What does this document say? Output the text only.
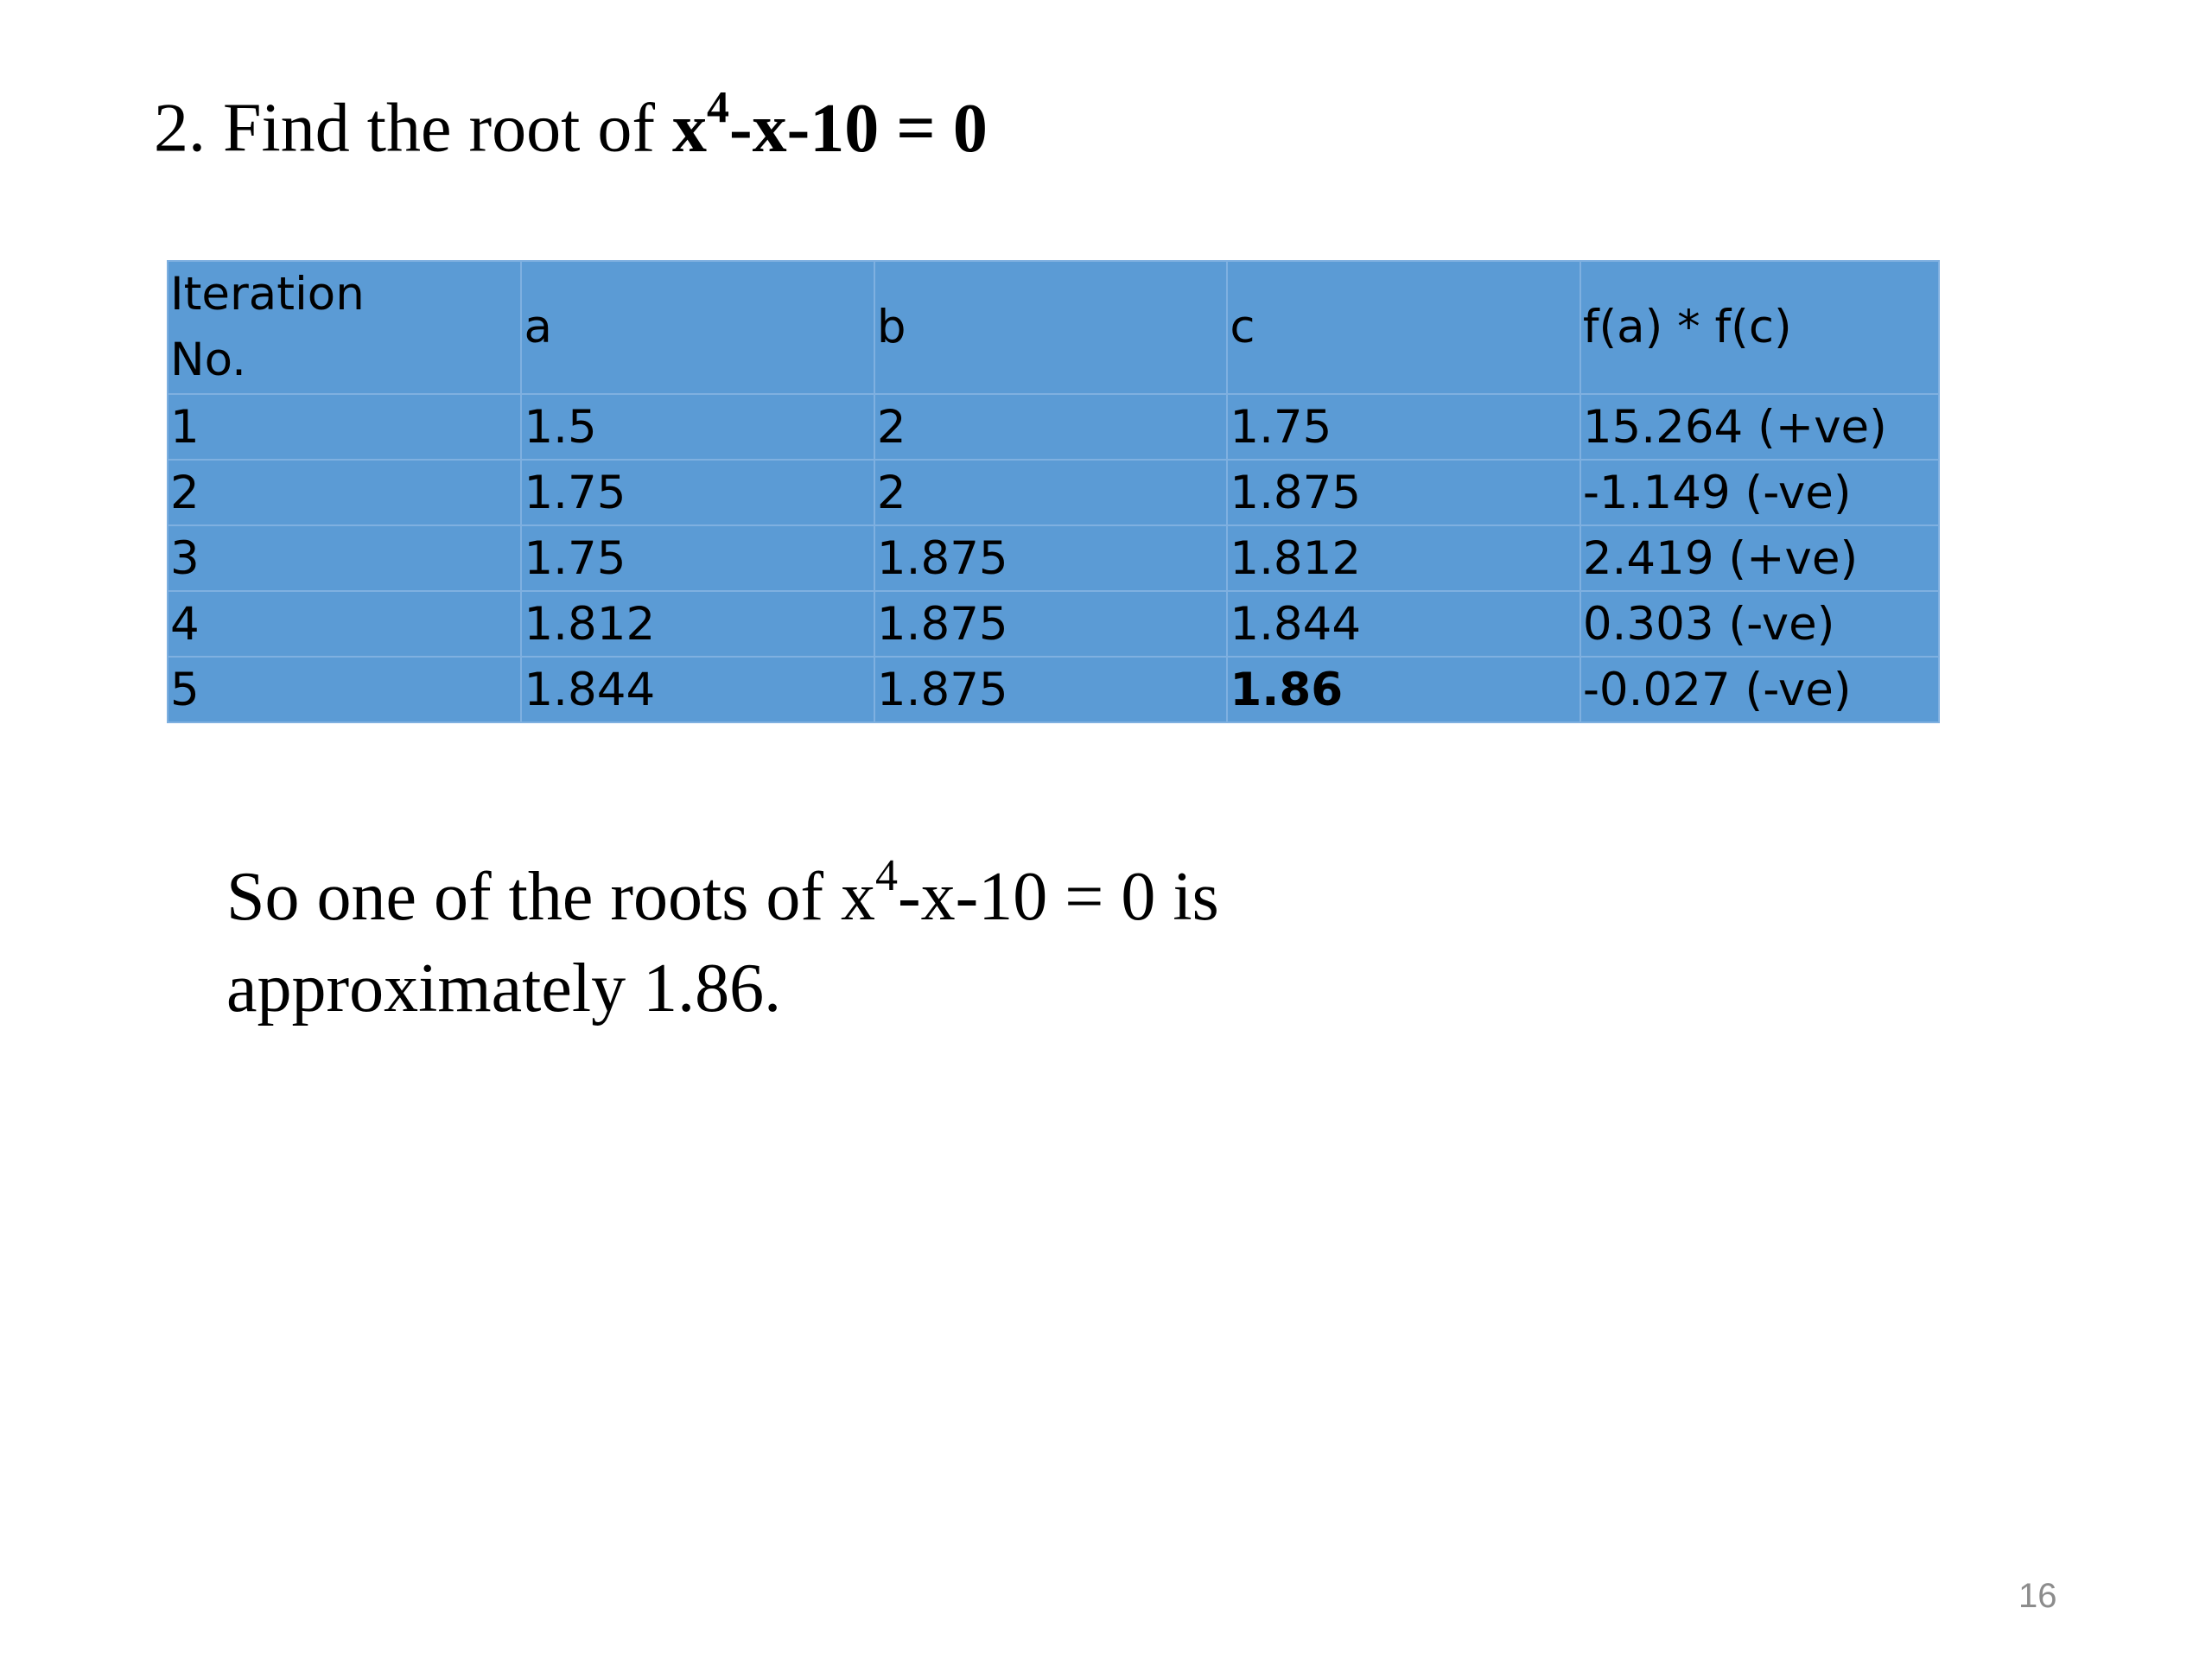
2. Find the root of $x^4-x-10 = 0$
Iteration
No.	a	b	c	f(a) * f(c)
1	1.5	2	1.75	15.264 (+ve)
2	1.75	2	1.875	-1.149 (-ve)
3	1.75	1.875	1.812	2.419 (+ve)
4	1.812	1.875	1.844	0.303 (-ve)
5	1.844	1.875	1.86	-0.027 (-ve)
So one of the roots of $x^4-x-10 = 0$ is
approximately 1.86.
16
